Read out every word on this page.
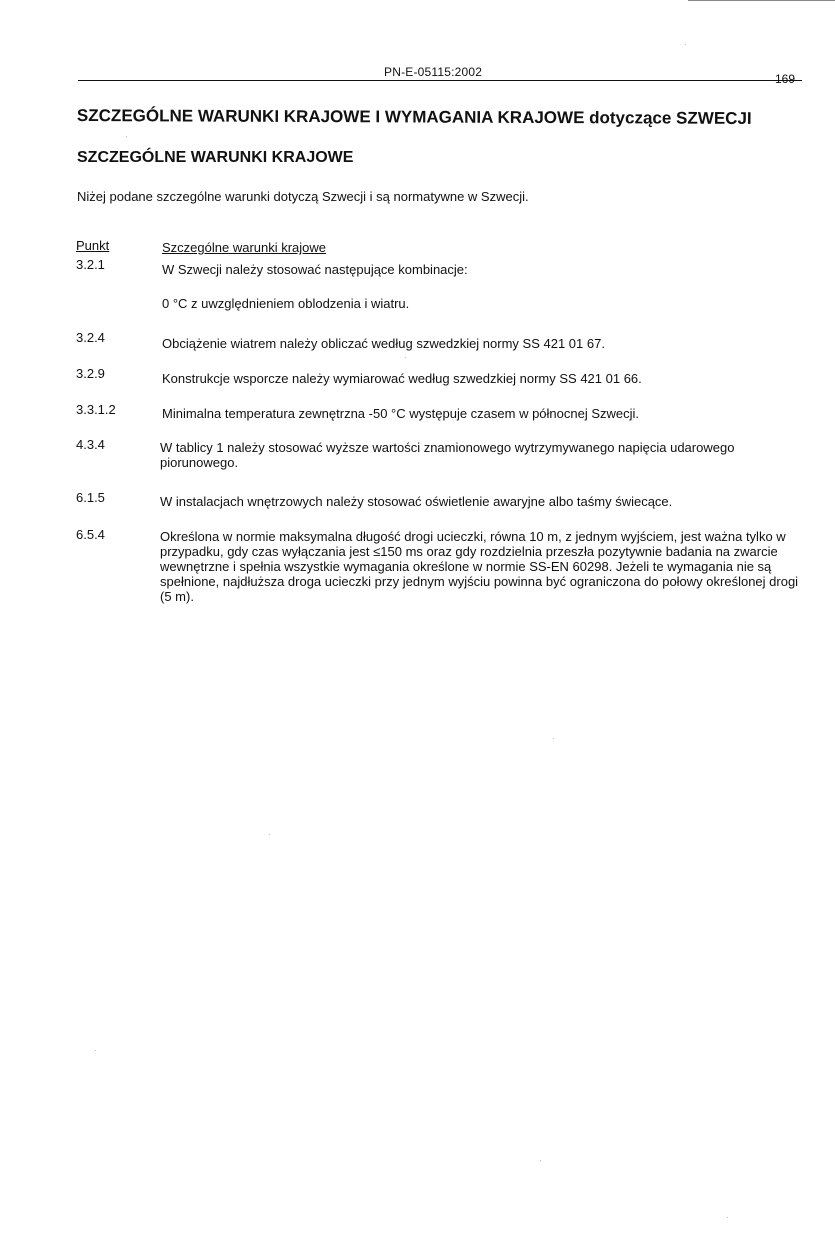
PN-E-05115:2002	169
SZCZEGÓLNE WARUNKI KRAJOWE I WYMAGANIA KRAJOWE dotyczące SZWECJI
SZCZEGÓLNE WARUNKI KRAJOWE
Niżej podane szczególne warunki dotyczą Szwecji i są normatywne w Szwecji.
Punkt	Szczególne warunki krajowe
3.2.1	W Szwecji należy stosować następujące kombinacje:
0 °C z uwzględnieniem oblodzenia i wiatru.
3.2.4	Obciążenie wiatrem należy obliczać według szwedzkiej normy SS 421 01 67.
3.2.9	Konstrukcje wsporcze należy wymiarować według szwedzkiej normy SS 421 01 66.
3.3.1.2	Minimalna temperatura zewnętrzna -50 °C występuje czasem w północnej Szwecji.
4.3.4	W tablicy 1 należy stosować wyższe wartości znamionowego wytrzymywanego napięcia udarowego piorunowego.
6.1.5	W instalacjach wnętrzowych należy stosować oświetlenie awaryjne albo taśmy świecące.
6.5.4	Określona w normie maksymalna długość drogi ucieczki, równa 10 m, z jednym wyjściem, jest ważna tylko w przypadku, gdy czas wyłączania jest ≤150 ms oraz gdy rozdzielnia przeszła pozytywnie badania na zwarcie wewnętrzne i spełnia wszystkie wymagania określone w normie SS-EN 60298. Jeżeli te wymagania nie są spełnione, najdłuższa droga ucieczki przy jednym wyjściu powinna być ograniczona do połowy określonej drogi (5 m).
